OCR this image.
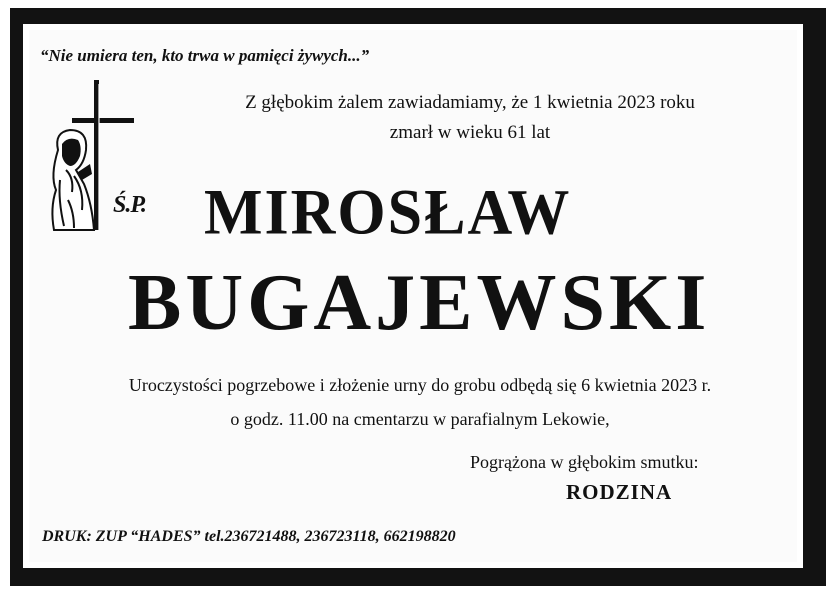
“Nie umiera ten, kto trwa w pamięci żywych...”
Z głębokim żalem zawiadamiamy, że 1 kwietnia 2023 roku
zmarł w wieku 61 lat
Ś.P. MIROSŁAW
BUGAJEWSKI
Uroczystości pogrzebowe i złożenie urny do grobu odbędą się 6 kwietnia 2023 r.
o godz. 11.00 na cmentarzu w parafialnym Lekowie,
Pogrążona w głębokim smutku:
RODZINA
DRUK: ZUP “HADES” tel.236721488, 236723118, 662198820
